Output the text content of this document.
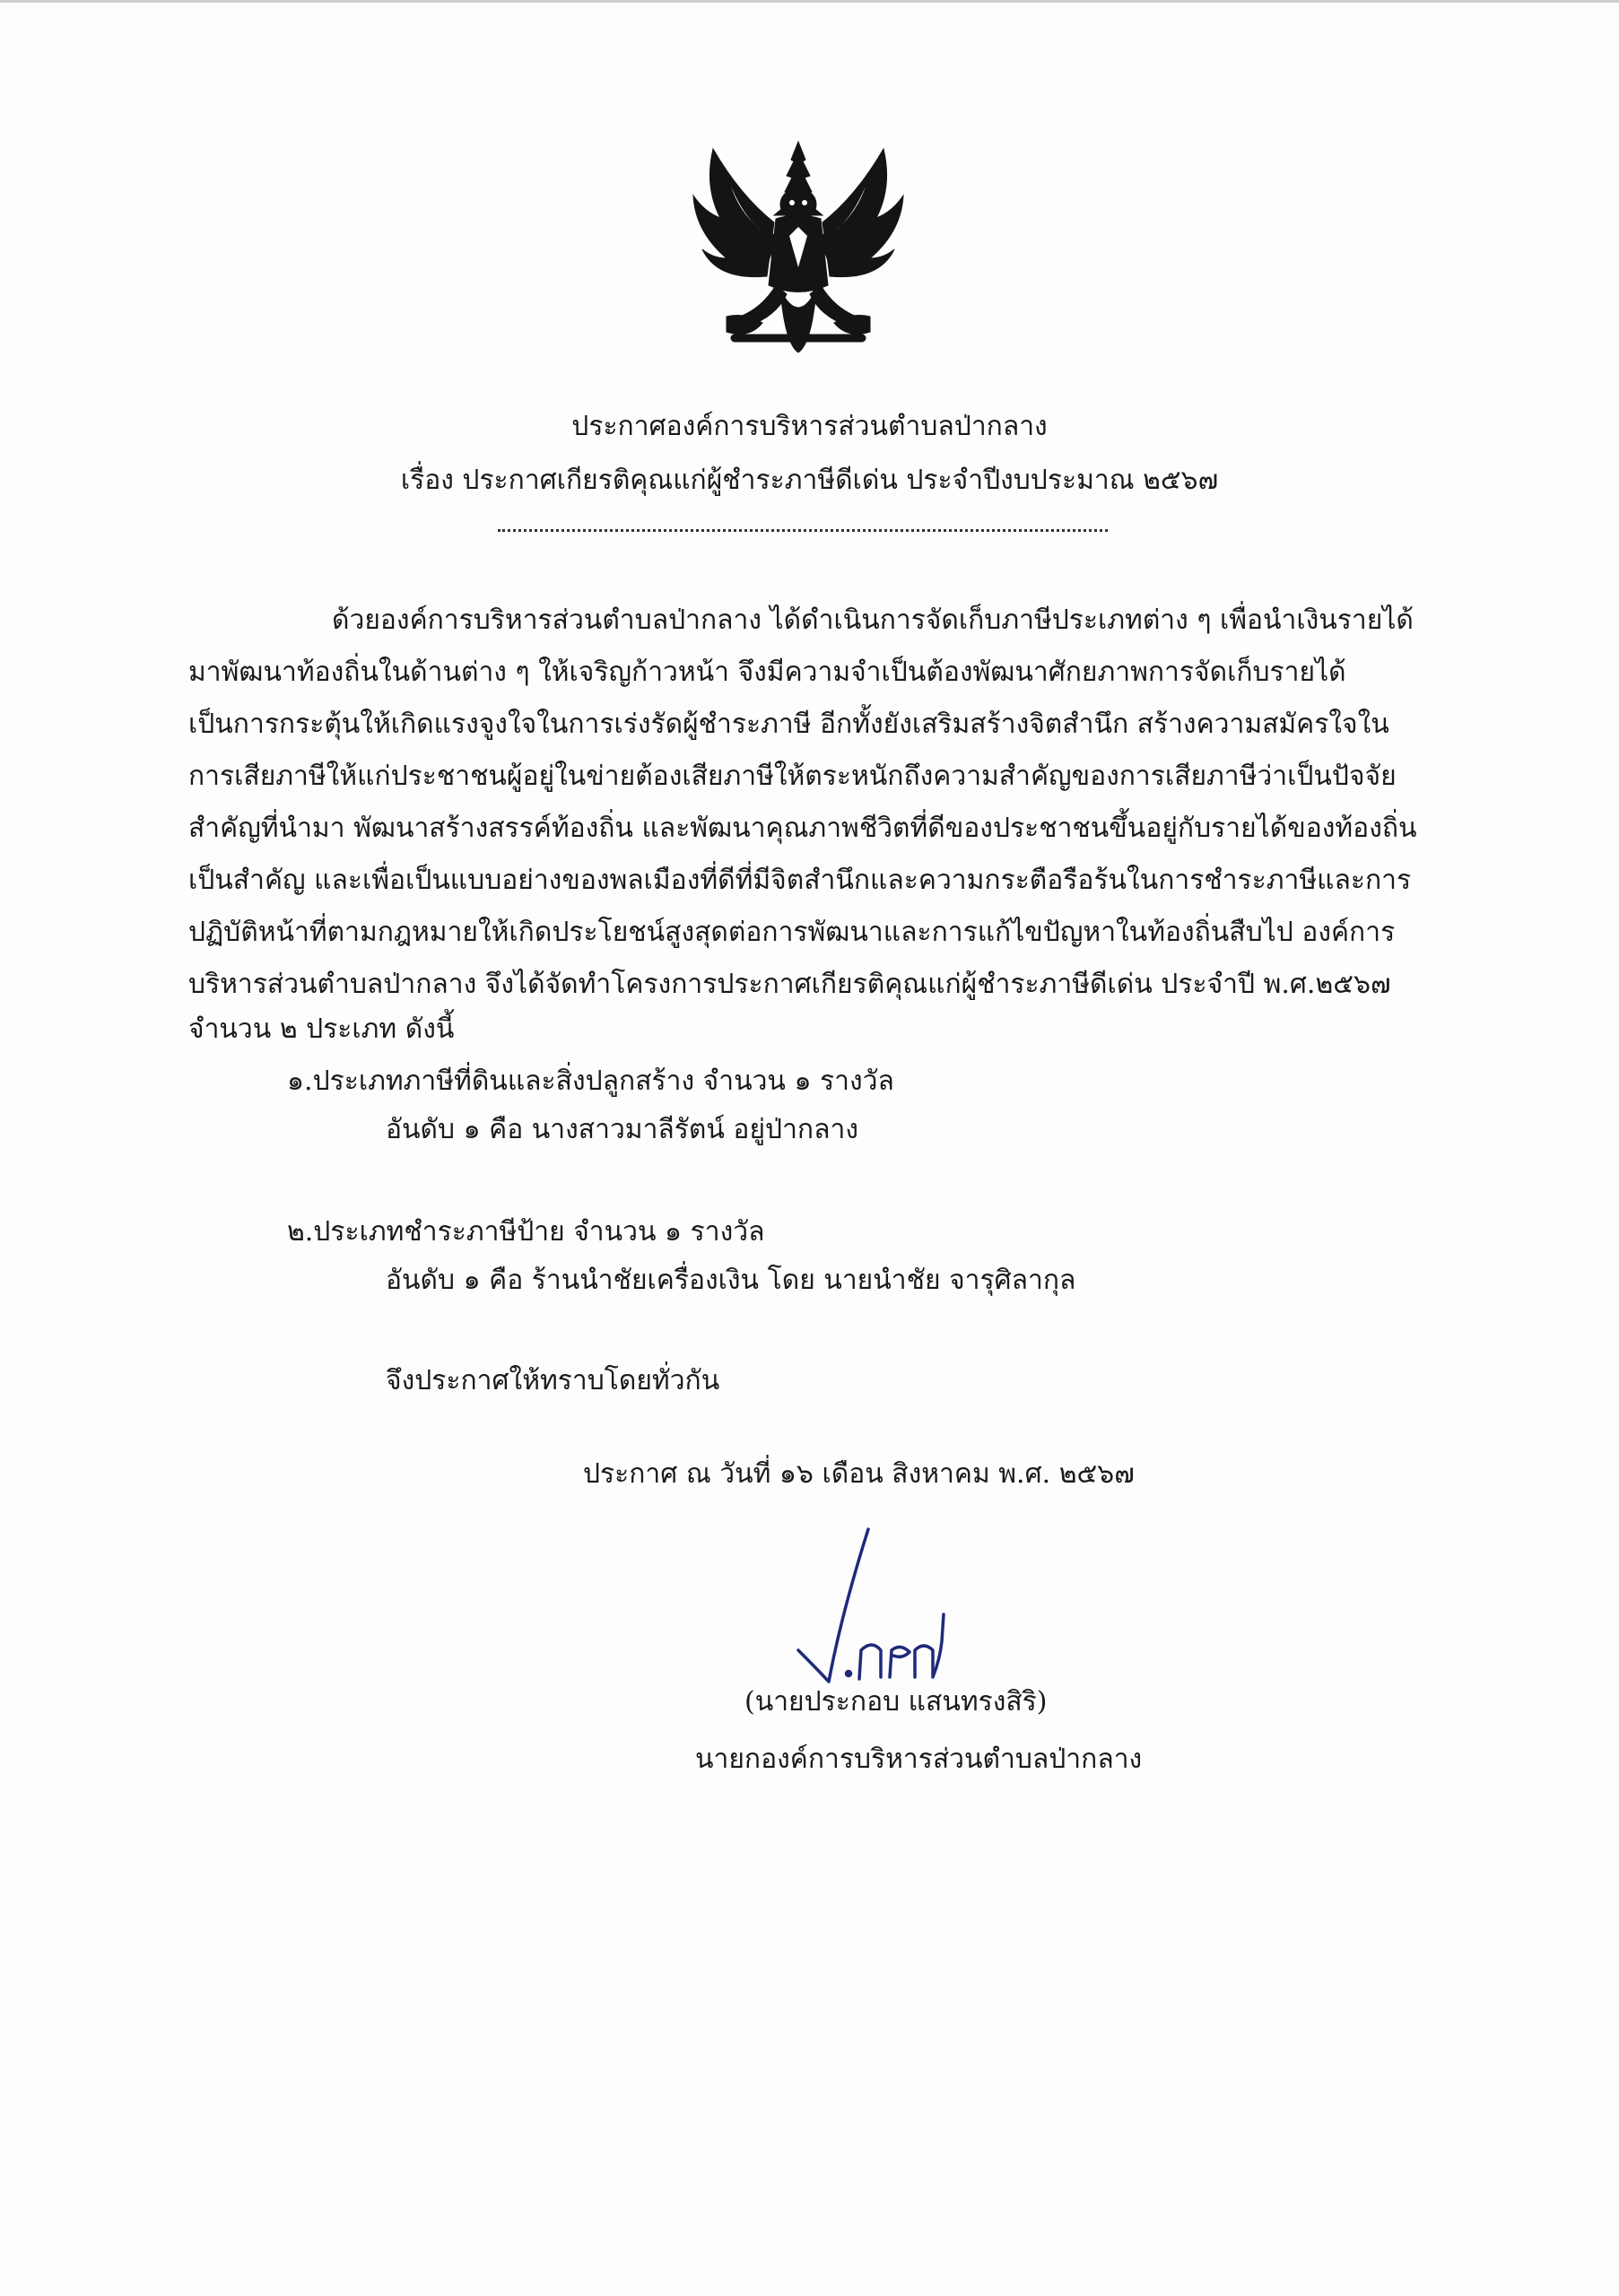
ประกาศองค์การบริหารส่วนตำบลป่ากลาง
เรื่อง ประกาศเกียรติคุณแก่ผู้ชำระภาษีดีเด่น ประจำปีงบประมาณ ๒๕๖๗
ด้วยองค์การบริหารส่วนตำบลป่ากลาง ได้ดำเนินการจัดเก็บภาษีประเภทต่าง ๆ เพื่อนำเงินรายได้
มาพัฒนาท้องถิ่นในด้านต่าง ๆ ให้เจริญก้าวหน้า จึงมีความจำเป็นต้องพัฒนาศักยภาพการจัดเก็บรายได้
เป็นการกระตุ้นให้เกิดแรงจูงใจในการเร่งรัดผู้ชำระภาษี อีกทั้งยังเสริมสร้างจิตสำนึก สร้างความสมัครใจใน
การเสียภาษีให้แก่ประชาชนผู้อยู่ในข่ายต้องเสียภาษีให้ตระหนักถึงความสำคัญของการเสียภาษีว่าเป็นปัจจัย
สำคัญที่นำมา พัฒนาสร้างสรรค์ท้องถิ่น และพัฒนาคุณภาพชีวิตที่ดีของประชาชนขึ้นอยู่กับรายได้ของท้องถิ่น
เป็นสำคัญ และเพื่อเป็นแบบอย่างของพลเมืองที่ดีที่มีจิตสำนึกและความกระตือรือร้นในการชำระภาษีและการ
ปฏิบัติหน้าที่ตามกฎหมายให้เกิดประโยชน์สูงสุดต่อการพัฒนาและการแก้ไขปัญหาในท้องถิ่นสืบไป องค์การ
บริหารส่วนตำบลป่ากลาง จึงได้จัดทำโครงการประกาศเกียรติคุณแก่ผู้ชำระภาษีดีเด่น ประจำปี พ.ศ.๒๕๖๗
จำนวน ๒ ประเภท ดังนี้
๑.ประเภทภาษีที่ดินและสิ่งปลูกสร้าง จำนวน ๑ รางวัล
อันดับ ๑ คือ นางสาวมาลีรัตน์ อยู่ป่ากลาง
๒.ประเภทชำระภาษีป้าย จำนวน ๑ รางวัล
อันดับ ๑ คือ ร้านนำชัยเครื่องเงิน โดย นายนำชัย จารุศิลากุล
จึงประกาศให้ทราบโดยทั่วกัน
ประกาศ ณ วันที่ ๑๖ เดือน สิงหาคม พ.ศ. ๒๕๖๗
(นายประกอบ แสนทรงสิริ)
นายกองค์การบริหารส่วนตำบลป่ากลาง
